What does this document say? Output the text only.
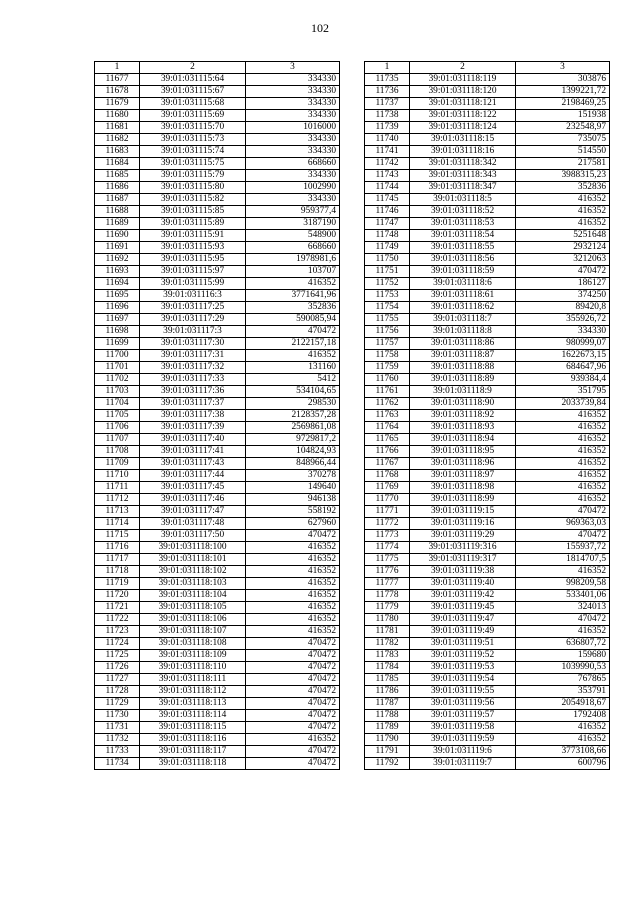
102
1	2	3
11677	39:01:031115:64	334330
11678	39:01:031115:67	334330
11679	39:01:031115:68	334330
11680	39:01:031115:69	334330
11681	39:01:031115:70	1016000
11682	39:01:031115:73	334330
11683	39:01:031115:74	334330
11684	39:01:031115:75	668660
11685	39:01:031115:79	334330
11686	39:01:031115:80	1002990
11687	39:01:031115:82	334330
11688	39:01:031115:85	959377,4
11689	39:01:031115:89	3187190
11690	39:01:031115:91	548900
11691	39:01:031115:93	668660
11692	39:01:031115:95	1978981,6
11693	39:01:031115:97	103707
11694	39:01:031115:99	416352
11695	39:01:031116:3	3771641,96
11696	39:01:031117:25	352836
11697	39:01:031117:29	590085,94
11698	39:01:031117:3	470472
11699	39:01:031117:30	2122157,18
11700	39:01:031117:31	416352
11701	39:01:031117:32	131160
11702	39:01:031117:33	5412
11703	39:01:031117:36	534104,65
11704	39:01:031117:37	298530
11705	39:01:031117:38	2128357,28
11706	39:01:031117:39	2569861,08
11707	39:01:031117:40	9729817,2
11708	39:01:031117:41	104824,93
11709	39:01:031117:43	848966,44
11710	39:01:031117:44	370278
11711	39:01:031117:45	149640
11712	39:01:031117:46	946138
11713	39:01:031117:47	558192
11714	39:01:031117:48	627960
11715	39:01:031117:50	470472
11716	39:01:031118:100	416352
11717	39:01:031118:101	416352
11718	39:01:031118:102	416352
11719	39:01:031118:103	416352
11720	39:01:031118:104	416352
11721	39:01:031118:105	416352
11722	39:01:031118:106	416352
11723	39:01:031118:107	416352
11724	39:01:031118:108	470472
11725	39:01:031118:109	470472
11726	39:01:031118:110	470472
11727	39:01:031118:111	470472
11728	39:01:031118:112	470472
11729	39:01:031118:113	470472
11730	39:01:031118:114	470472
11731	39:01:031118:115	470472
11732	39:01:031118:116	416352
11733	39:01:031118:117	470472
11734	39:01:031118:118	470472
1	2	3
11735	39:01:031118:119	303876
11736	39:01:031118:120	1399221,72
11737	39:01:031118:121	2198469,25
11738	39:01:031118:122	151938
11739	39:01:031118:124	232548,97
11740	39:01:031118:15	735075
11741	39:01:031118:16	514550
11742	39:01:031118:342	217581
11743	39:01:031118:343	3988315,23
11744	39:01:031118:347	352836
11745	39:01:031118:5	416352
11746	39:01:031118:52	416352
11747	39:01:031118:53	416352
11748	39:01:031118:54	5251648
11749	39:01:031118:55	2932124
11750	39:01:031118:56	3212063
11751	39:01:031118:59	470472
11752	39:01:031118:6	186127
11753	39:01:031118:61	374250
11754	39:01:031118:62	89420,8
11755	39:01:031118:7	355926,72
11756	39:01:031118:8	334330
11757	39:01:031118:86	980999,07
11758	39:01:031118:87	1622673,15
11759	39:01:031118:88	684647,96
11760	39:01:031118:89	939384,4
11761	39:01:031118:9	351795
11762	39:01:031118:90	2033739,84
11763	39:01:031118:92	416352
11764	39:01:031118:93	416352
11765	39:01:031118:94	416352
11766	39:01:031118:95	416352
11767	39:01:031118:96	416352
11768	39:01:031118:97	416352
11769	39:01:031118:98	416352
11770	39:01:031118:99	416352
11771	39:01:031119:15	470472
11772	39:01:031119:16	969363,03
11773	39:01:031119:29	470472
11774	39:01:031119:316	155937,72
11775	39:01:031119:317	1814707,5
11776	39:01:031119:38	416352
11777	39:01:031119:40	998209,58
11778	39:01:031119:42	533401,06
11779	39:01:031119:45	324013
11780	39:01:031119:47	470472
11781	39:01:031119:49	416352
11782	39:01:031119:51	636807,72
11783	39:01:031119:52	159680
11784	39:01:031119:53	1039990,53
11785	39:01:031119:54	767865
11786	39:01:031119:55	353791
11787	39:01:031119:56	2054918,67
11788	39:01:031119:57	1792408
11789	39:01:031119:58	416352
11790	39:01:031119:59	416352
11791	39:01:031119:6	3773108,66
11792	39:01:031119:7	600796
